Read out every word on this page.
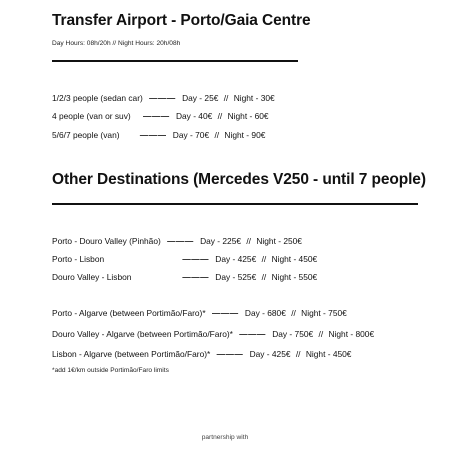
Transfer Airport - Porto/Gaia Centre
Day Hours: 08h/20h // Night Hours: 20h/08h
1/2/3 people (sedan car) ——— Day - 25€ // Night - 30€
4 people (van or suv) ——— Day - 40€ // Night - 60€
5/6/7 people (van) ——— Day - 70€ // Night - 90€
Other Destinations (Mercedes V250 - until 7 people)
Porto - Douro Valley (Pinhão) ——— Day - 225€ // Night - 250€
Porto - Lisbon	——— Day - 425€ // Night - 450€
Douro Valley - Lisbon	——— Day - 525€ // Night - 550€
Porto - Algarve (between Portimão/Faro)* ——— Day - 680€ // Night - 750€
Douro Valley - Algarve (between Portimão/Faro)* ——— Day - 750€ // Night - 800€
Lisbon - Algarve (between Portimão/Faro)* ——— Day - 425€ // Night - 450€
*add 1€/km outside Portimão/Faro limits
partnership with
